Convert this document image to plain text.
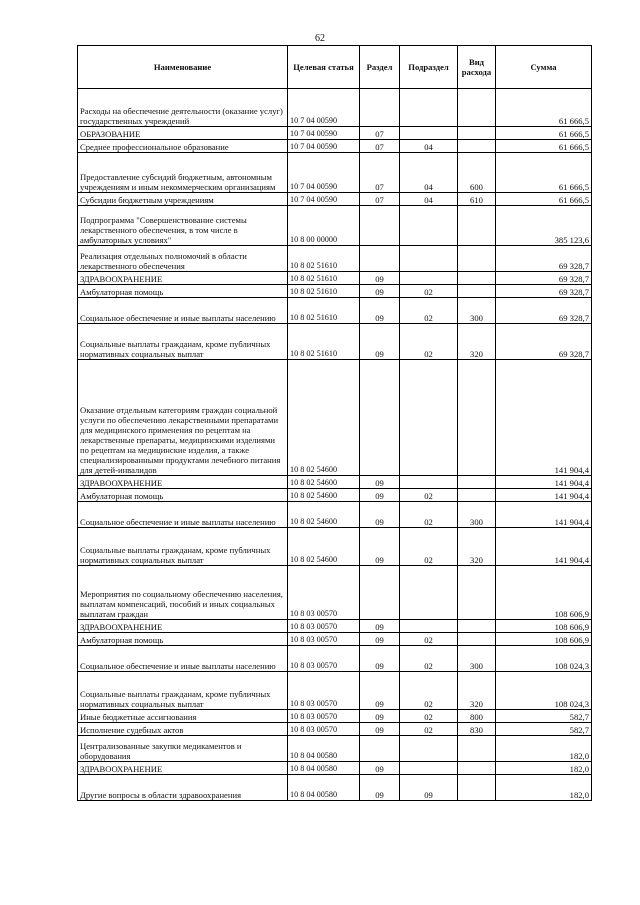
62
Наименование	Целевая статья	Раздел	Подраздел	Вид расхода	Сумма
Расходы на обеспечение деятельности (оказание услуг) государственных учреждений	10 7 04 00590				61 666,5
ОБРАЗОВАНИЕ	10 7 04 00590	07			61 666,5
Среднее профессиональное образование	10 7 04 00590	07	04		61 666,5
Предоставление субсидий бюджетным, автономным учреждениям и иным некоммерческим организациям	10 7 04 00590	07	04	600	61 666,5
Субсидии бюджетным учреждениям	10 7 04 00590	07	04	610	61 666,5
Подпрограмма "Совершенствование системы лекарственного обеспечения, в том числе в амбулаторных условиях"	10 8 00 00000				385 123,6
Реализация отдельных полномочий в области лекарственного обеспечения	10 8 02 51610				69 328,7
ЗДРАВООХРАНЕНИЕ	10 8 02 51610	09			69 328,7
Амбулаторная помощь	10 8 02 51610	09	02		69 328,7
Социальное обеспечение и иные выплаты населению	10 8 02 51610	09	02	300	69 328,7
Социальные выплаты гражданам, кроме публичных нормативных социальных выплат	10 8 02 51610	09	02	320	69 328,7
Оказание отдельным категориям граждан социальной услуги по обеспечению лекарственными препаратами для медицинского применения по рецептам на лекарственные препараты, медицинскими изделиями по рецептам на медицинские изделия, а также специализированными продуктами лечебного питания для детей-инвалидов	10 8 02 54600				141 904,4
ЗДРАВООХРАНЕНИЕ	10 8 02 54600	09			141 904,4
Амбулаторная помощь	10 8 02 54600	09	02		141 904,4
Социальное обеспечение и иные выплаты населению	10 8 02 54600	09	02	300	141 904,4
Социальные выплаты гражданам, кроме публичных нормативных социальных выплат	10 8 02 54600	09	02	320	141 904,4
Мероприятия по социальному обеспечению населения, выплатам компенсаций, пособий и иных социальных выплатам граждан	10 8 03 00570				108 606,9
ЗДРАВООХРАНЕНИЕ	10 8 03 00570	09			108 606,9
Амбулаторная помощь	10 8 03 00570	09	02		108 606,9
Социальное обеспечение и иные выплаты населению	10 8 03 00570	09	02	300	108 024,3
Социальные выплаты гражданам, кроме публичных нормативных социальных выплат	10 8 03 00570	09	02	320	108 024,3
Иные бюджетные ассигнования	10 8 03 00570	09	02	800	582,7
Исполнение судебных актов	10 8 03 00570	09	02	830	582,7
Централизованные закупки медикаментов и оборудования	10 8 04 00580				182,0
ЗДРАВООХРАНЕНИЕ	10 8 04 00580	09			182,0
Другие вопросы в области здравоохранения	10 8 04 00580	09	09		182,0
